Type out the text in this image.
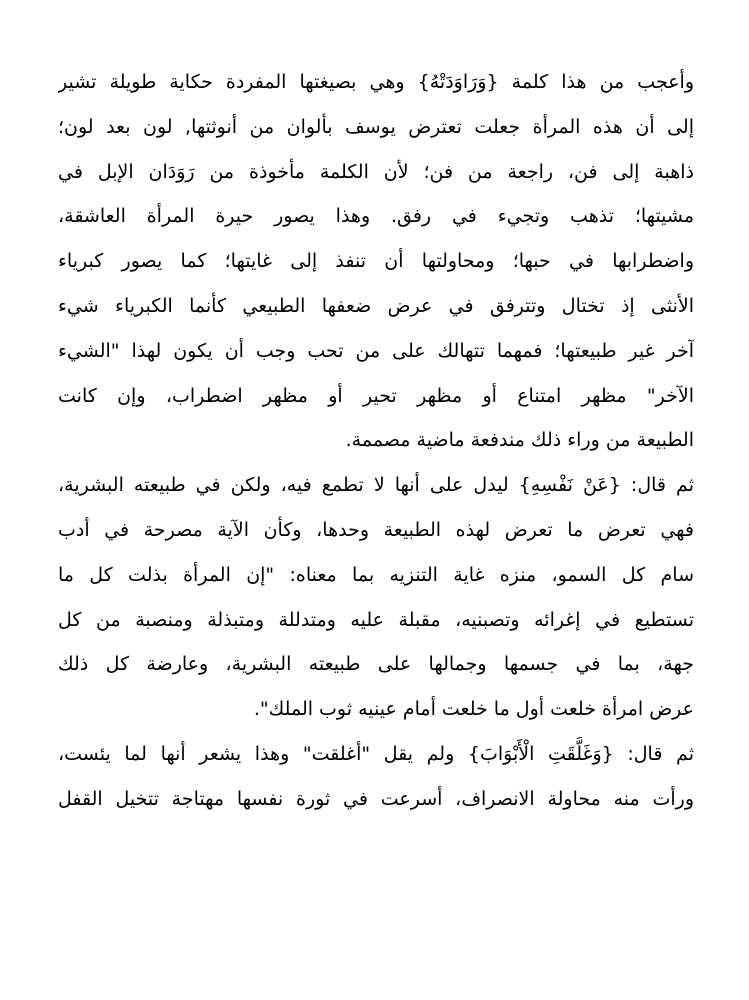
وأعجب من هذا كلمة {وَرَاوَدَتْهُ} وهي بصيغتها المفردة حكاية طويلة تشير
إلى أن هذه المرأة جعلت تعترض يوسف بألوان من أنوثتها, لون بعد لون؛
ذاهبة إلى فن، راجعة من فن؛ لأن الكلمة مأخوذة من رَوَدَان الإبل في
مشيتها؛ تذهب وتجيء في رفق. وهذا يصور حيرة المرأة العاشقة،
واضطرابها في حبها؛ ومحاولتها أن تنفذ إلى غايتها؛ كما يصور كبرياء
الأنثى إذ تختال وتترفق في عرض ضعفها الطبيعي كأنما الكبرياء شيء
آخر غير طبيعتها؛ فمهما تتهالك على من تحب وجب أن يكون لهذا "الشيء
الآخر" مظهر امتناع أو مظهر تحير أو مظهر اضطراب، وإن كانت
الطبيعة من وراء ذلك مندفعة ماضية مصممة.
ثم قال: {عَنْ نَفْسِهِ} ليدل على أنها لا تطمع فيه، ولكن في طبيعته البشرية،
فهي تعرض ما تعرض لهذه الطبيعة وحدها، وكأن الآية مصرحة في أدب
سام كل السمو، منزه غاية التنزيه بما معناه: "إن المرأة بذلت كل ما
تستطيع في إغرائه وتصبنيه، مقبلة عليه ومتدللة ومتبذلة ومنصبة من كل
جهة، بما في جسمها وجمالها على طبيعته البشرية، وعارضة كل ذلك
عرض امرأة خلعت أول ما خلعت أمام عينيه ثوب الملك".
ثم قال: {وَغَلَّقَتِ الْأَبْوَابَ} ولم يقل "أغلقت" وهذا يشعر أنها لما يئست،
ورأت منه محاولة الانصراف، أسرعت في ثورة نفسها مهتاجة تتخيل القفل
